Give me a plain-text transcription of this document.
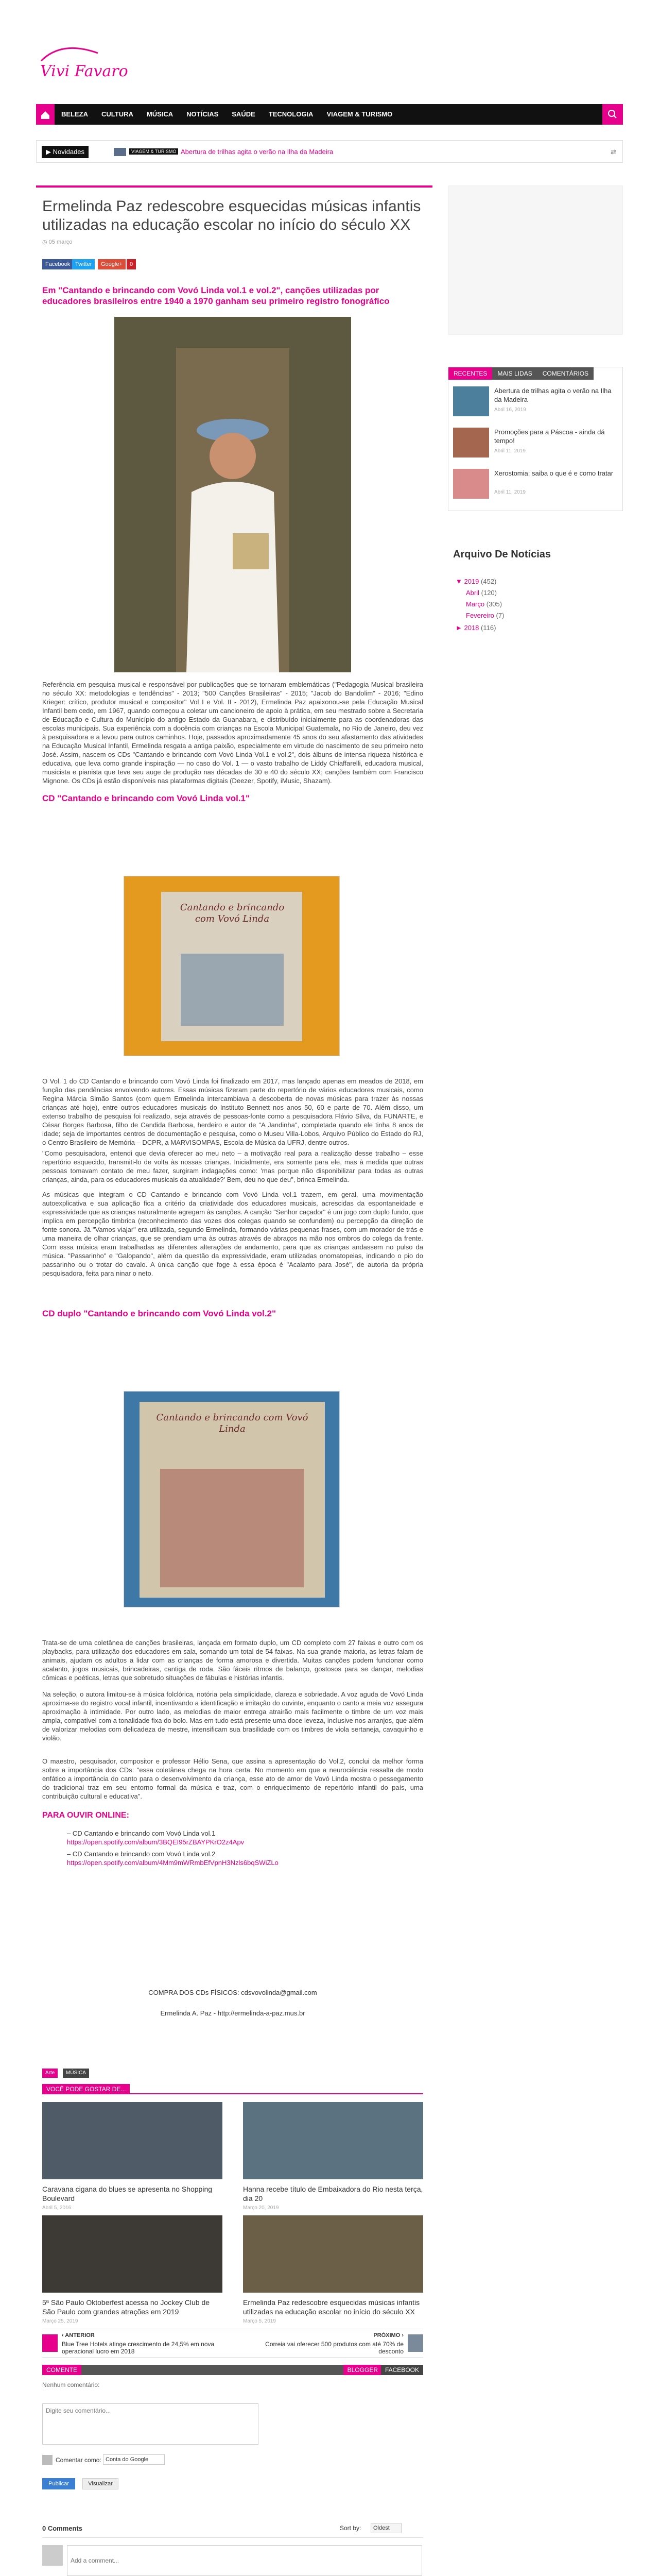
Vivi Favaro
BELEZA	CULTURA	MÚSICA	NOTÍCIAS	SAÚDE	TECNOLOGIA	VIAGEM & TURISMO
▶ Novidades	VIAGEM & TURISMO Abertura de trilhas agita o verão na Ilha da Madeira	⇄
Ermelinda Paz redescobre esquecidas músicas infantis utilizadas na educação escolar no início do século XX
◷ 05 março
Facebook Twitter	Google+	0
Em "Cantando e brincando com Vovó Linda vol.1 e vol.2", canções utilizadas por educadores brasileiros entre 1940 a 1970 ganham seu primeiro registro fonográfico

Referência em pesquisa musical e responsável por publicações que se tornaram emblemáticas ("Pedagogia Musical brasileira no século XX: metodologias e tendências" - 2013; "500 Canções Brasileiras" - 2015; "Jacob do Bandolim" - 2016; "Edino Krieger: crítico, produtor musical e compositor" Vol I e Vol. II - 2012), Ermelinda Paz apaixonou-se pela Educação Musical Infantil bem cedo, em 1967, quando começou a coletar um cancioneiro de apoio à prática, em seu mestrado sobre a Secretaria de Educação e Cultura do Município do antigo Estado da Guanabara, e distribuído inicialmente para as coordenadoras das escolas municipais. Sua experiência com a docência com crianças na Escola Municipal Guatemala, no Rio de Janeiro, deu vez à pesquisadora e a levou para outros caminhos. Hoje, passados aproximadamente 45 anos do seu afastamento das atividades na Educação Musical Infantil, Ermelinda resgata a antiga paixão, especialmente em virtude do nascimento de seu primeiro neto José. Assim, nascem os CDs "Cantando e brincando com Vovó Linda Vol.1 e vol.2", dois álbuns de intensa riqueza histórica e educativa, que leva como grande inspiração — no caso do Vol. 1 — o vasto trabalho de Liddy Chiaffarelli, educadora musical, musicista e pianista que teve seu auge de produção nas décadas de 30 e 40 do século XX; canções também com Francisco Mignone. Os CDs já estão disponíveis nas plataformas digitais (Deezer, Spotify, iMusic, Shazam).

CD "Cantando e brincando com Vovó Linda vol.1"
Cantando e brincando com Vovó Linda

O Vol. 1 do CD Cantando e brincando com Vovó Linda foi finalizado em 2017, mas lançado apenas em meados de 2018, em função das pendências envolvendo autores. Essas músicas fizeram parte do repertório de vários educadores musicais, como Regina Márcia Simão Santos (com quem Ermelinda intercambiava a descoberta de novas músicas para trazer às nossas crianças até hoje), entre outros educadores musicais do Instituto Bennett nos anos 50, 60 e parte de 70. Além disso, um extenso trabalho de pesquisa foi realizado, seja através de pessoas-fonte como a pesquisadora Flávio Silva, da FUNARTE, e César Borges Barbosa, filho de Candida Barbosa, herdeiro e autor de "A Jandinha", completada quando ele tinha 8 anos de idade; seja de importantes centros de documentação e pesquisa, como o Museu Villa-Lobos, Arquivo Público do Estado do RJ, o Centro Brasileiro de Memória – DCPR, a MARVISOMPAS, Escola de Música da UFRJ, dentre outros.

"Como pesquisadora, entendi que devia oferecer ao meu neto – a motivação real para a realização desse trabalho – esse repertório esquecido, transmiti-lo de volta às nossas crianças. Inicialmente, era somente para ele, mas à medida que outras pessoas tomavam contato de meu fazer, surgiram indagações como: 'mas porque não disponibilizar para todas as outras crianças, ainda, para os educadores musicais da atualidade?' Bem, deu no que deu", brinca Ermelinda.

As músicas que integram o CD Cantando e brincando com Vovó Linda vol.1 trazem, em geral, uma movimentação autoexplicativa e sua aplicação fica a critério da criatividade dos educadores musicais, acrescidas da espontaneidade e expressividade que as crianças naturalmente agregam às canções. A canção "Senhor caçador" é um jogo com duplo fundo, que implica em percepção timbrica (reconhecimento das vozes dos colegas quando se confundem) ou percepção da direção de fonte sonora. Já "Vamos viajar" era utilizada, segundo Ermelinda, formando várias pequenas frases, com um morador de trás e uma maneira de olhar crianças, que se prendiam uma às outras através de abraços na mão nos ombros do colega da frente. Com essa música eram trabalhadas as diferentes alterações de andamento, para que as crianças andassem no pulso da música. "Passarinho" e "Galopando", além da questão da expressividade, eram utilizadas onomatopeias, indicando o pio do passarinho ou o trotar do cavalo. A única canção que foge à essa época é "Acalanto para José", de autoria da própria pesquisadora, feita para ninar o neto.

CD duplo "Cantando e brincando com Vovó Linda vol.2"
Cantando e brincando com Vovó Linda

Trata-se de uma coletânea de canções brasileiras, lançada em formato duplo, um CD completo com 27 faixas e outro com os playbacks, para utilização dos educadores em sala, somando um total de 54 faixas. Na sua grande maioria, as letras falam de animais, ajudam os adultos a lidar com as crianças de forma amorosa e divertida. Muitas canções podem funcionar como acalanto, jogos musicais, brincadeiras, cantiga de roda. São fáceis rítmos de balanço, gostosos para se dançar, melodias cômicas e poéticas, letras que sobretudo situações de fábulas e histórias infantis.

Na seleção, o autora limitou-se à música folclórica, notória pela simplicidade, clareza e sobriedade. A voz aguda de Vovó Linda aproxima-se do registro vocal infantil, incentivando a identificação e imitação do ouvinte, enquanto o canto a meia voz assegura aproximação à intimidade. Por outro lado, as melodias de maior entrega atrairão mais facilmente o timbre de um voz mais ampla, compatível com a tonalidade fixa do bolo. Mas em tudo está presente uma doce leveza, inclusive nos arranjos, que além de valorizar melodias com delicadeza de mestre, intensificam sua brasilidade com os timbres de viola sertaneja, cavaquinho e violão.

O maestro, pesquisador, compositor e professor Hélio Sena, que assina a apresentação do Vol.2, conclui da melhor forma sobre a importância dos CDs: "essa coletânea chega na hora certa. No momento em que a neurociência ressalta de modo enfático a importância do canto para o desenvolvimento da criança, esse ato de amor de Vovó Linda mostra o pessegamento do tradicional traz em seu entorno formal da música e traz, com o enriquecimento de repertório infantil do país, uma contribuição cultural e educativa".

PARA OUVIR ONLINE:
– CD Cantando e brincando com Vovó Linda vol.1
https://open.spotify.com/album/3BQEI95rZBAYPKrO2z4Apv
– CD Cantando e brincando com Vovó Linda vol.2
https://open.spotify.com/album/4Mm9mWRmbEfVpnH3Nzls6bqSWiZLo
COMPRA DOS CDs FÍSICOS: cdsvovolinda@gmail.com
Ermelinda A. Paz - http://ermelinda-a-paz.mus.br
Arte	MÚSICA
VOCÊ PODE GOSTAR DE...
Caravana cigana do blues se apresenta no Shopping Boulevard
Abril 5, 2016
Hanna recebe título de Embaixadora do Rio nesta terça, dia 20
Março 20, 2019
5ª São Paulo Oktoberfest acessa no Jockey Club de São Paulo com grandes atrações em 2019
Março 25, 2019
Ermelinda Paz redescobre esquecidas músicas infantis utilizadas na educação escolar no início do século XX
Março 5, 2019
‹ ANTERIOR
Blue Tree Hotels atinge crescimento de 24,5% em nova operacional lucro em 2018
PRÓXIMO ›
Correia vai oferecer 500 produtos com até 70% de desconto
COMENTE	BLOGGER	FACEBOOK
Nenhum comentário:
Digite seu comentário...
Comentar como: Conta do Google
Publicar	Visualizar
0 Comments	Sort by:	Oldest
Add a comment...
RECENTES	MAIS LIDAS	COMENTÁRIOS
Abertura de trilhas agita o verão na Ilha da Madeira
Abril 16, 2019
Promoções para a Páscoa - ainda dá tempo!
Abril 11, 2019
Xerostomia: saiba o que é e como tratar
Abril 11, 2019
Arquivo De Notícias
▼ 2019 (452)
Abril (120)
Março (305)
Fevereiro (7)
► 2018 (116)
